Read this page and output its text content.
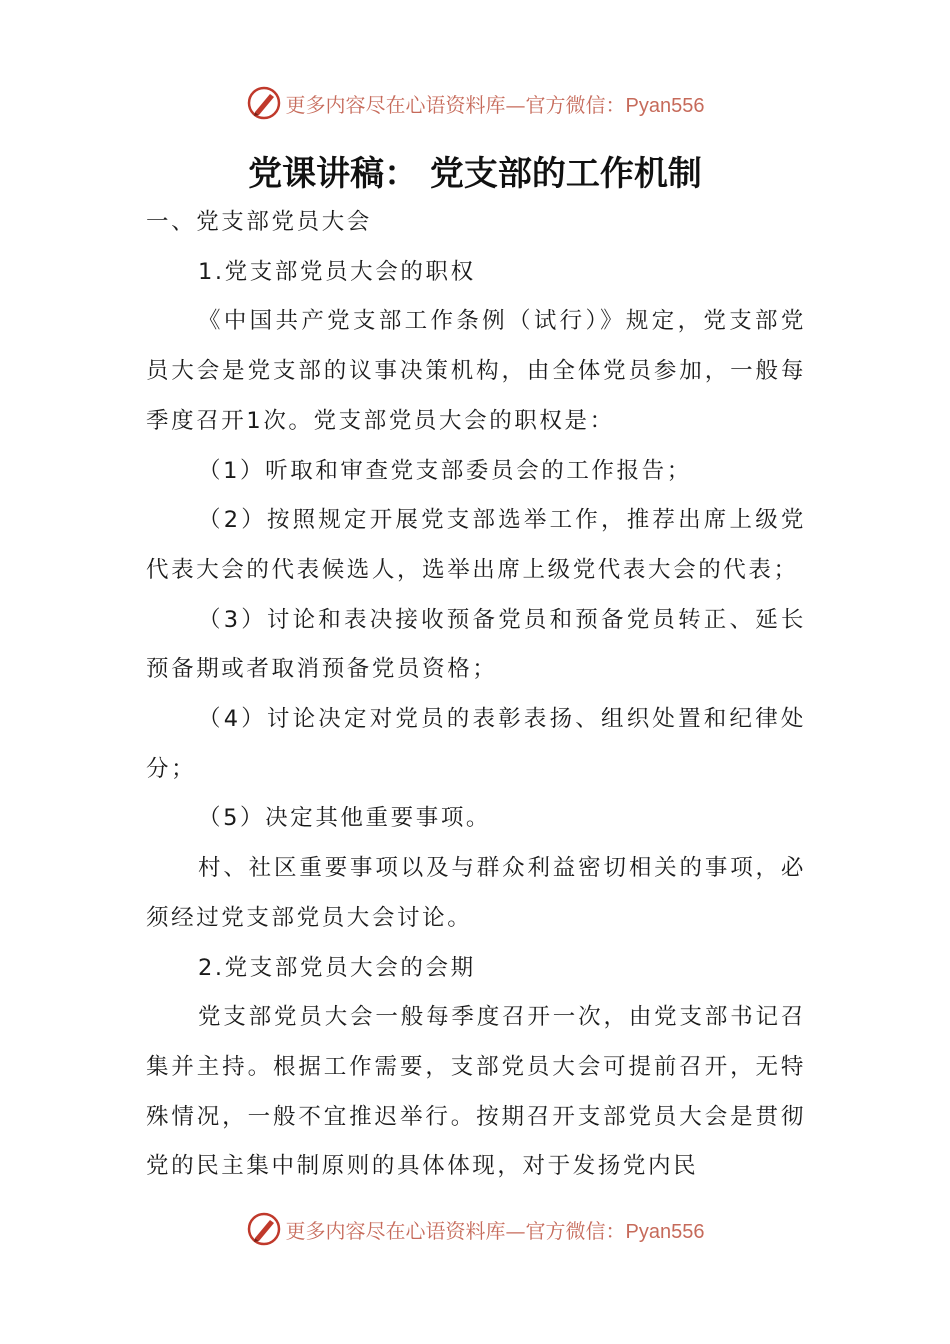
更多内容尽在心语资料库—官方微信：Pyan556
党课讲稿： 党支部的工作机制

一、党支部党员大会

1.党支部党员大会的职权

《中国共产党支部工作条例（试行）》规定，党支部党员大会是党支部的议事决策机构，由全体党员参加，一般每季度召开1次。党支部党员大会的职权是：

（1）听取和审查党支部委员会的工作报告；

（2）按照规定开展党支部选举工作，推荐出席上级党代表大会的代表候选人，选举出席上级党代表大会的代表；

（3）讨论和表决接收预备党员和预备党员转正、延长预备期或者取消预备党员资格；

（4）讨论决定对党员的表彰表扬、组织处置和纪律处分；

（5）决定其他重要事项。

村、社区重要事项以及与群众利益密切相关的事项，必须经过党支部党员大会讨论。

2.党支部党员大会的会期

党支部党员大会一般每季度召开一次，由党支部书记召集并主持。根据工作需要，支部党员大会可提前召开，无特殊情况，一般不宜推迟举行。按期召开支部党员大会是贯彻党的民主集中制原则的具体体现，对于发扬党内民

更多内容尽在心语资料库—官方微信：Pyan556
